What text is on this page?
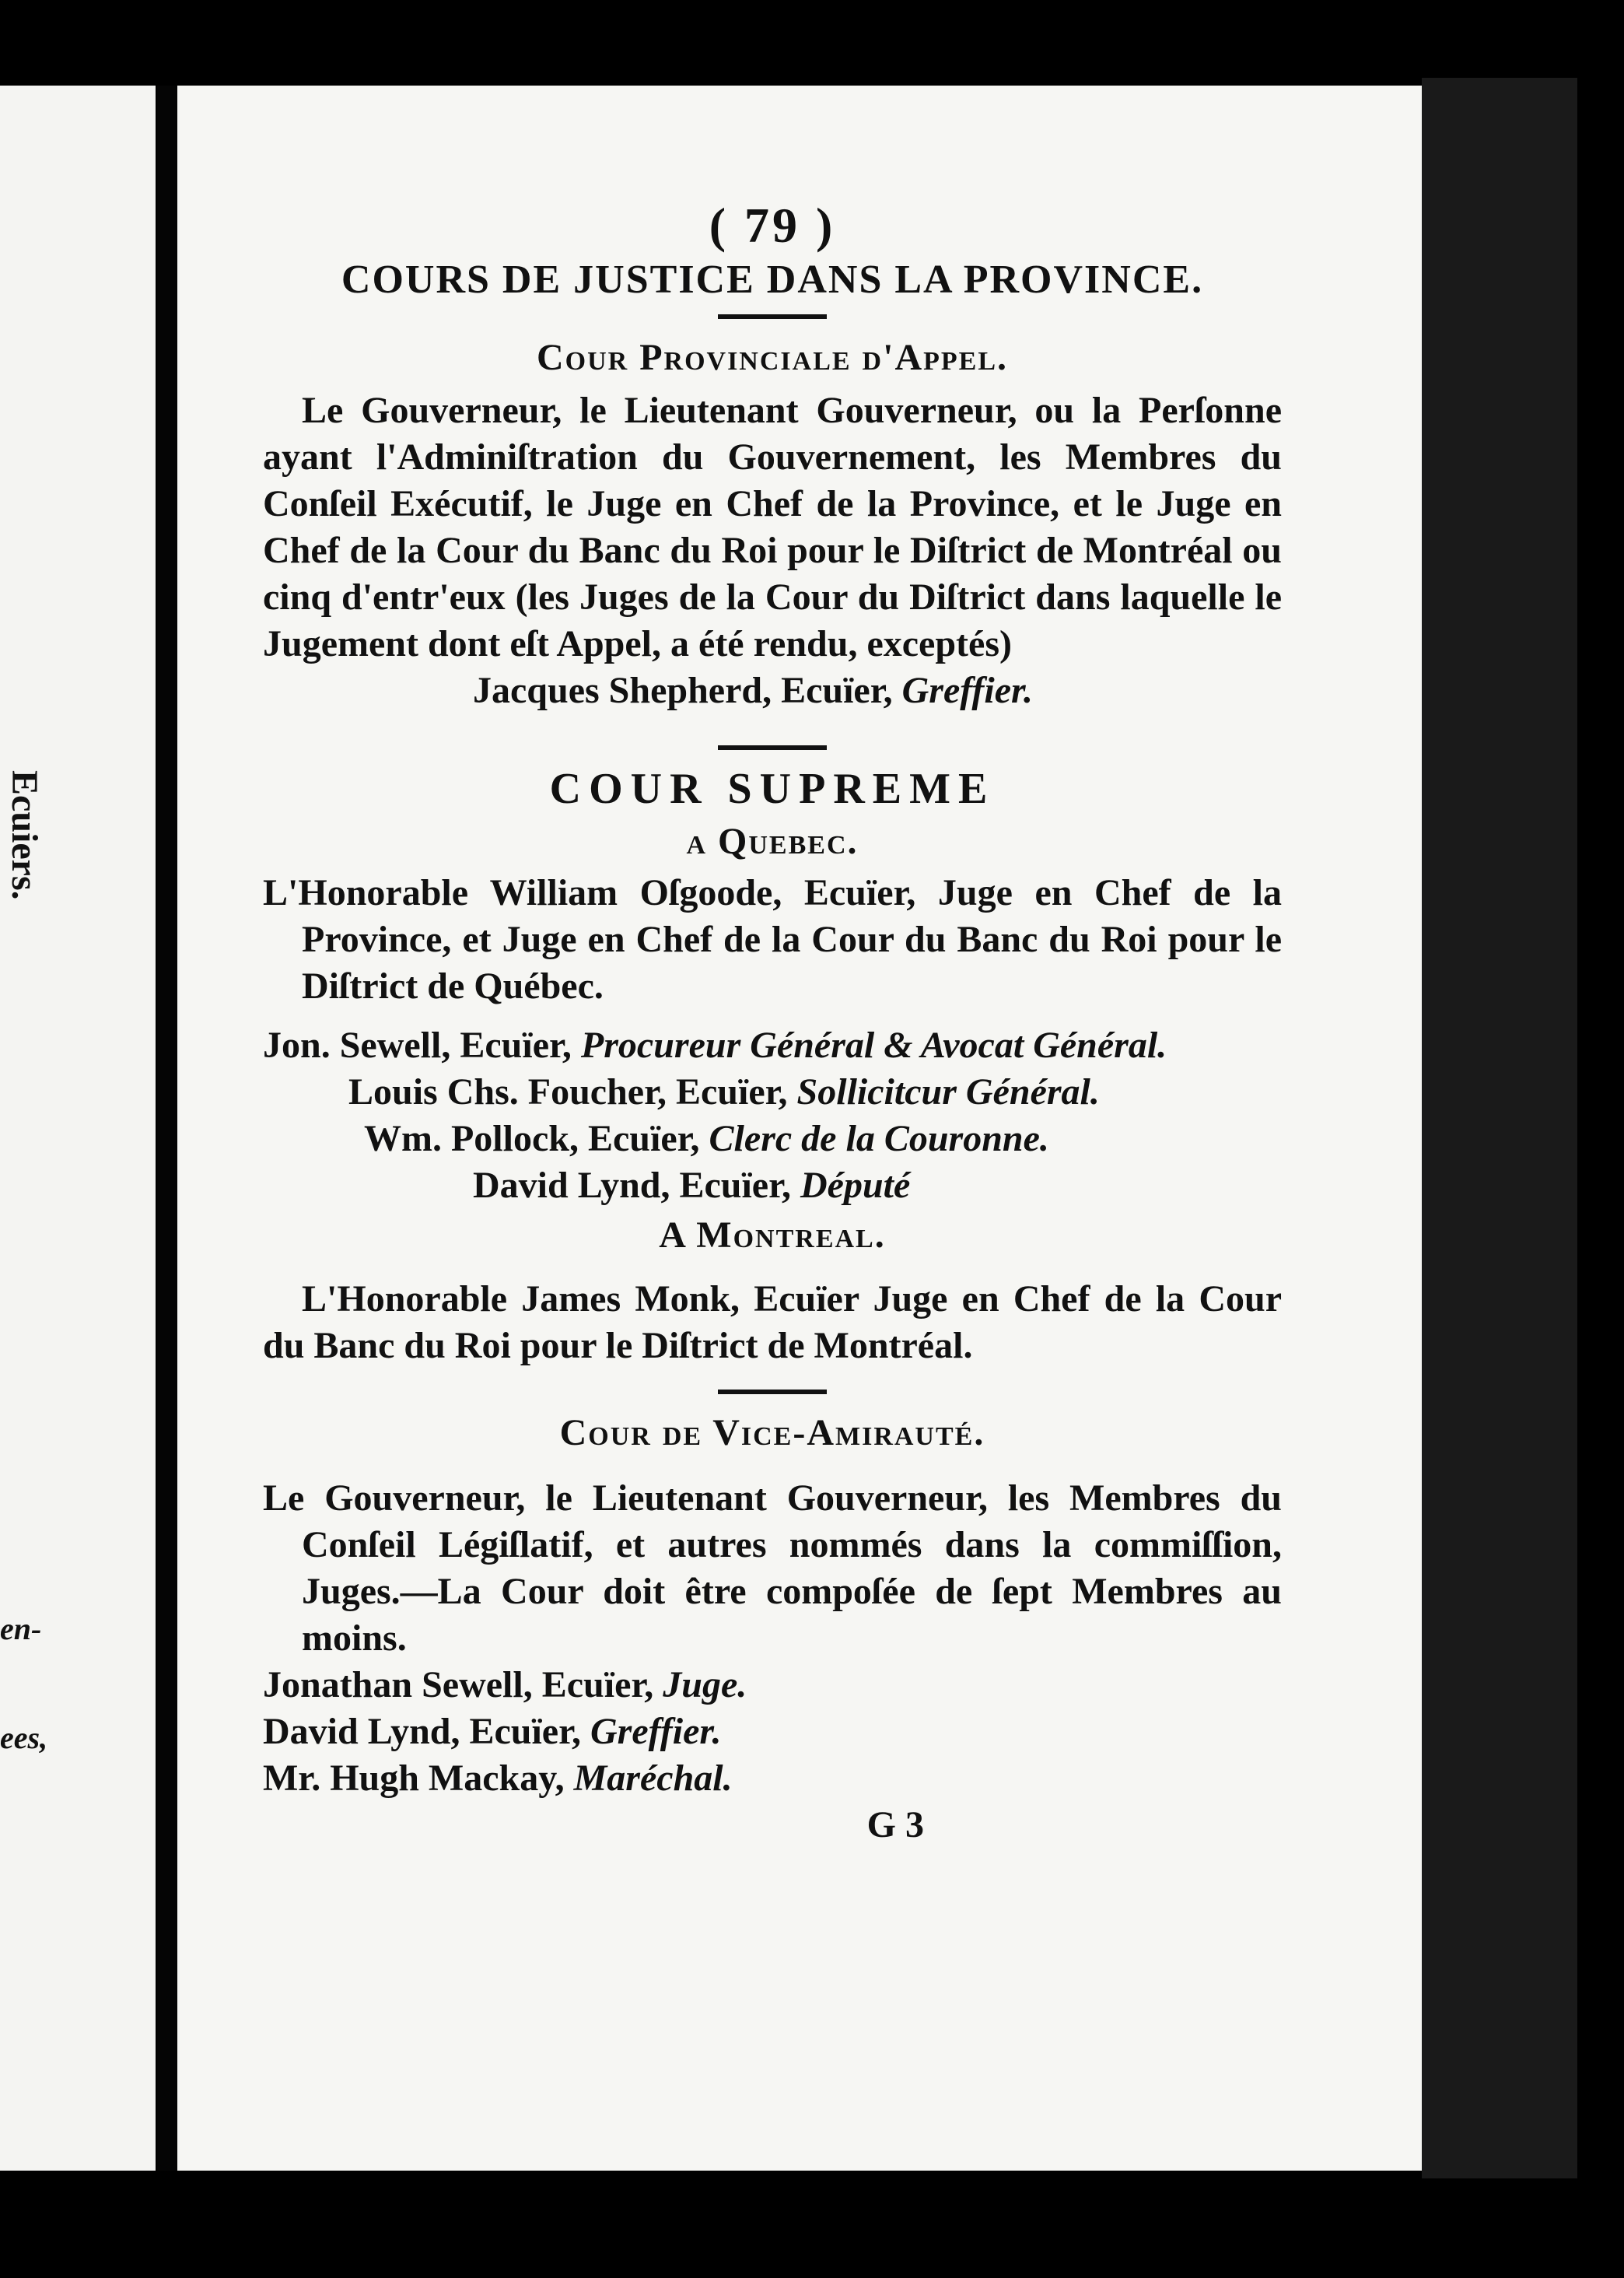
Ecuiers.
en-
ees,
( 79 )
COURS DE JUSTICE DANS LA PROVINCE.
Cour Provinciale d'Appel.

Le Gouverneur, le Lieutenant Gouverneur, ou la Perſonne ayant l'Adminiſtration du Gouvernement, les Membres du Conſeil Exécutif, le Juge en Chef de la Province, et le Juge en Chef de la Cour du Banc du Roi pour le Diſtrict de Montréal ou cinq d'entr'eux (les Juges de la Cour du Diſtrict dans laquelle le Jugement dont eſt Appel, a été rendu, exceptés)

Jacques Shepherd, Ecuïer, Greffier.
COUR SUPREME
a Quebec.

L'Honorable William Oſgoode, Ecuïer, Juge en Chef de la Province, et Juge en Chef de la Cour du Banc du Roi pour le Diſtrict de Québec.

Jon. Sewell, Ecuïer, Procureur Général & Avocat Général.

Louis Chs. Foucher, Ecuïer, Sollicitcur Général.
Wm. Pollock, Ecuïer, Clerc de la Couronne.
David Lynd, Ecuïer, Député
A Montreal.

L'Honorable James Monk, Ecuïer Juge en Chef de la Cour du Banc du Roi pour le Diſtrict de Montréal.

Cour de Vice-Amirauté.

Le Gouverneur, le Lieutenant Gouverneur, les Membres du Conſeil Légiſlatif, et autres nommés dans la commiſſion, Juges.—La Cour doit être compoſée de ſept Membres au moins.

Jonathan Sewell, Ecuïer, Juge.
David Lynd, Ecuïer, Greffier.
Mr. Hugh Mackay, Maréchal.
G 3
